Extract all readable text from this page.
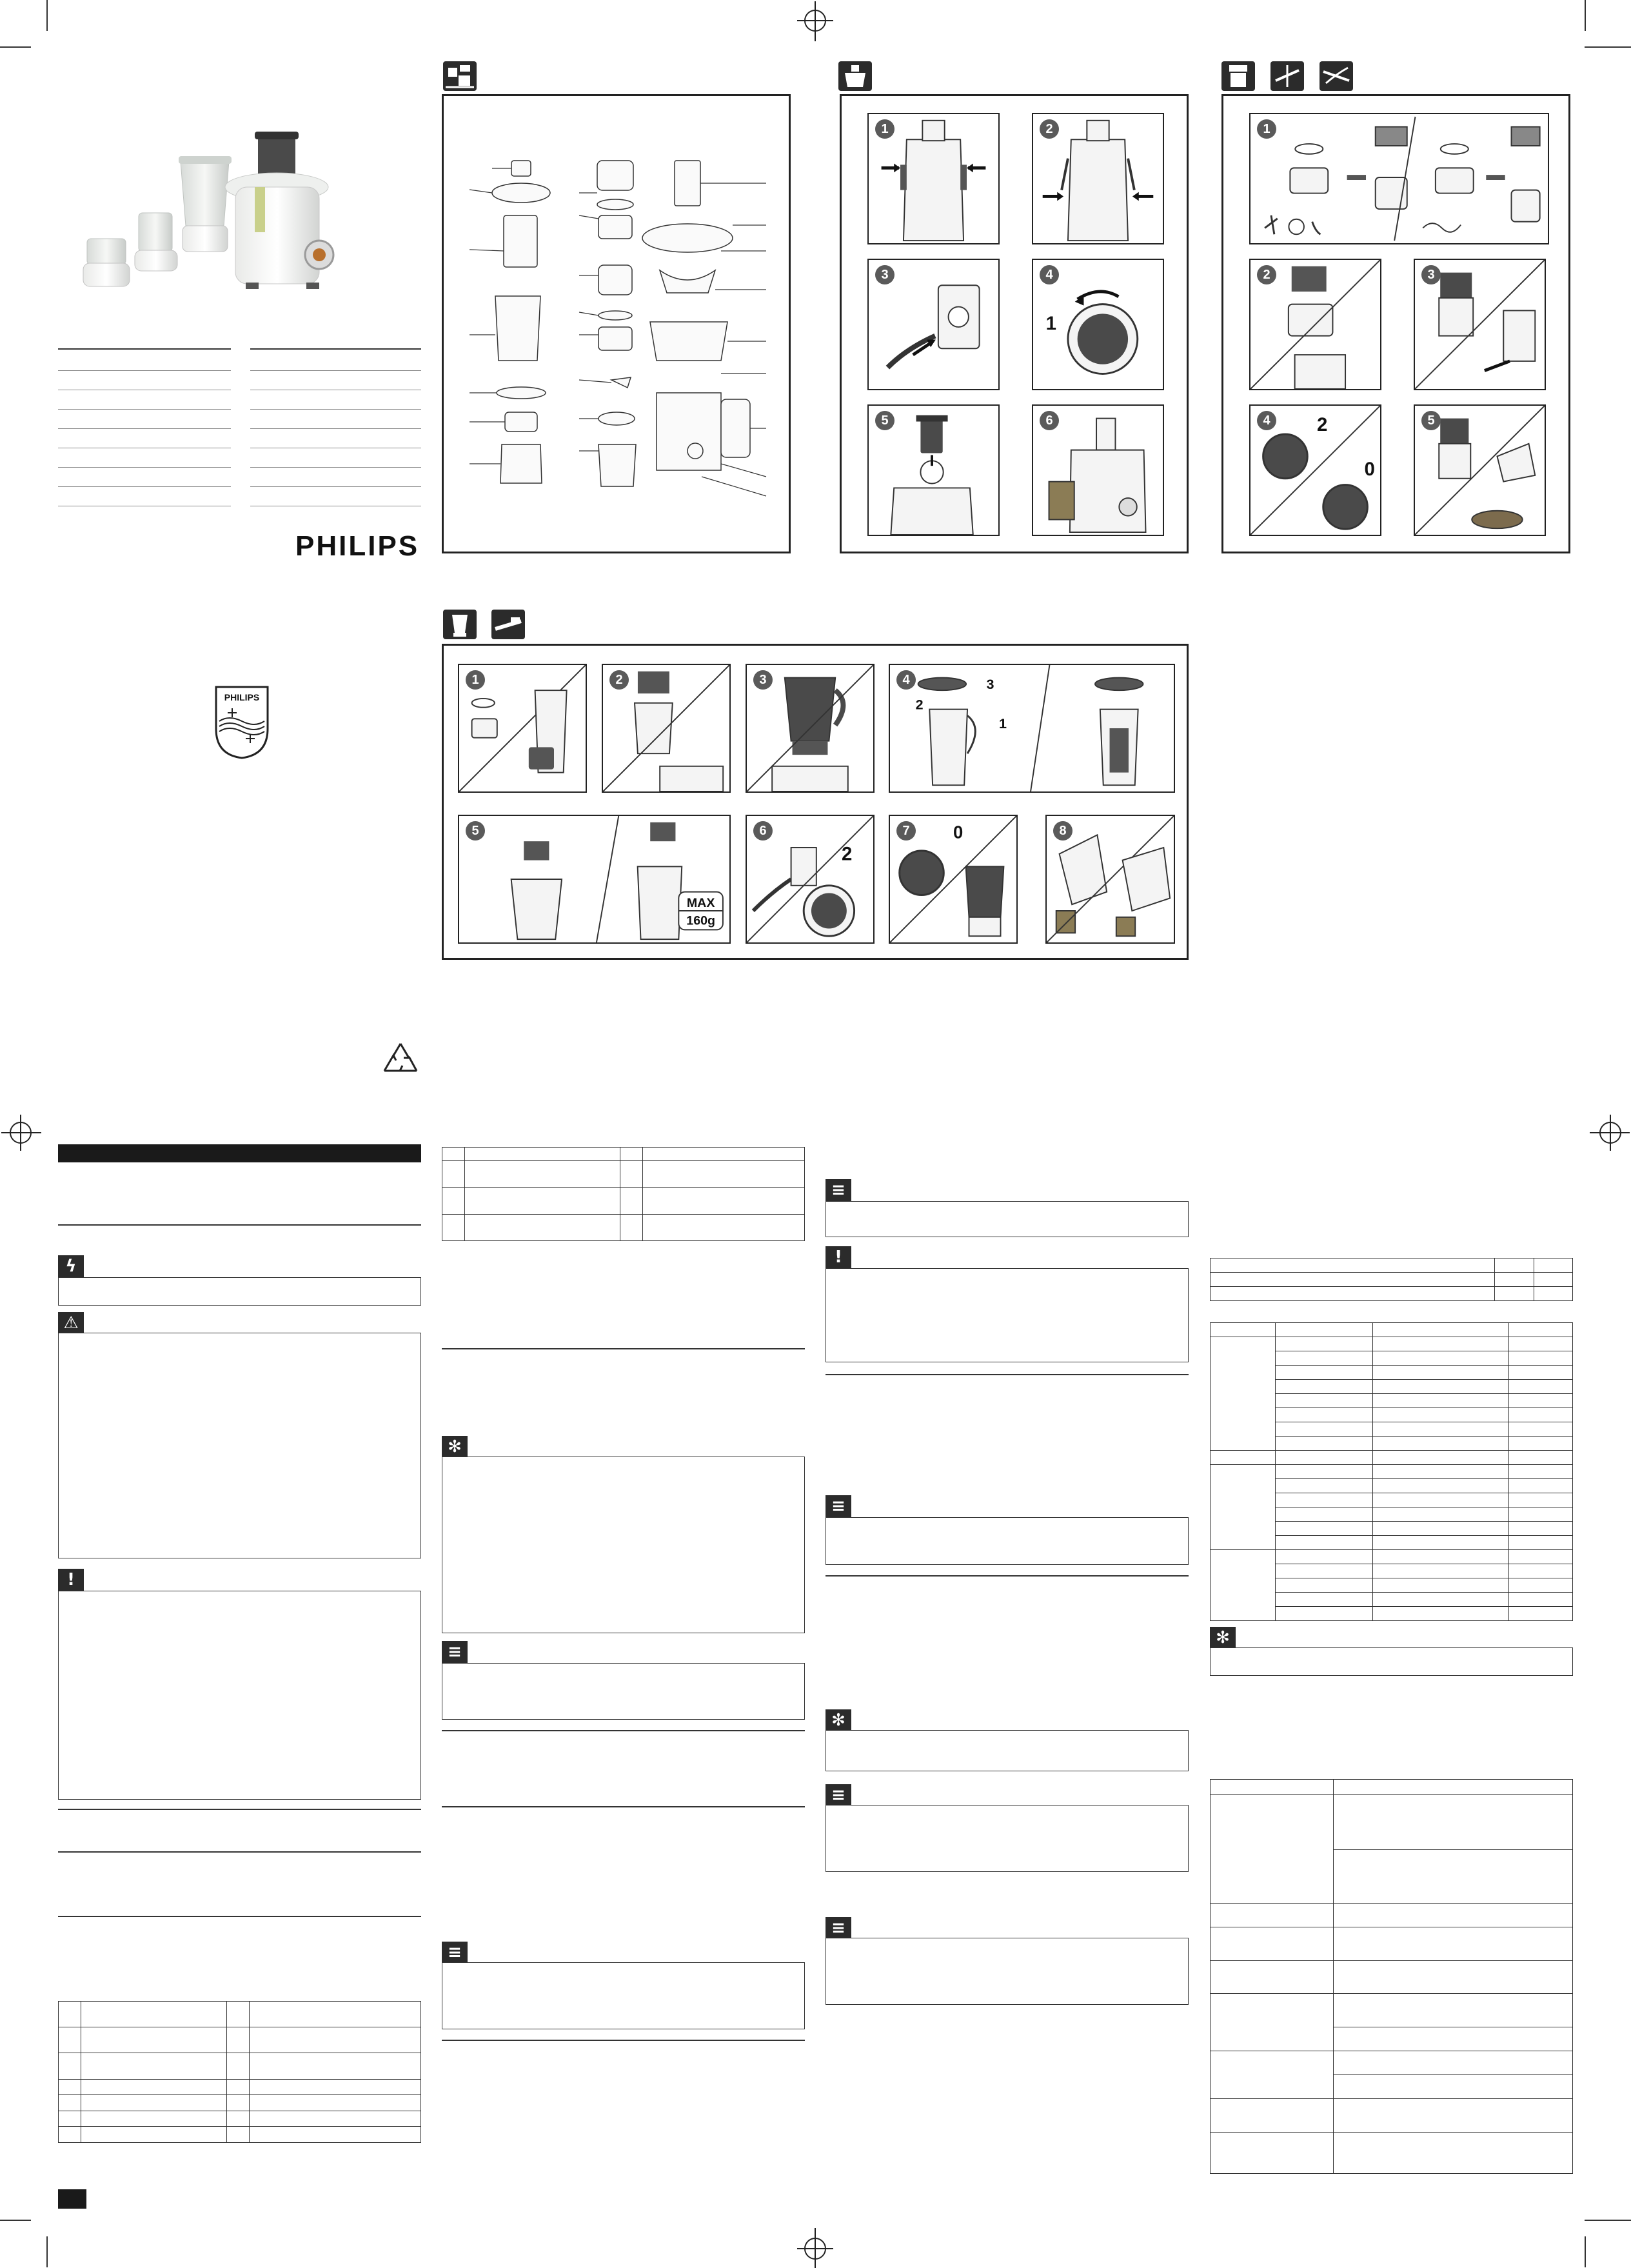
PHILIPS
PHILIPS
1	2
3
1
4
5	6
1
2	3
2
0
4	5
1	2	3	3
2
1
4
MAX
160g
5
2
6	0
7	8
ϟ
⚠
!

✻
≡
≡
≡
!
≡
✻
≡
≡

✻
